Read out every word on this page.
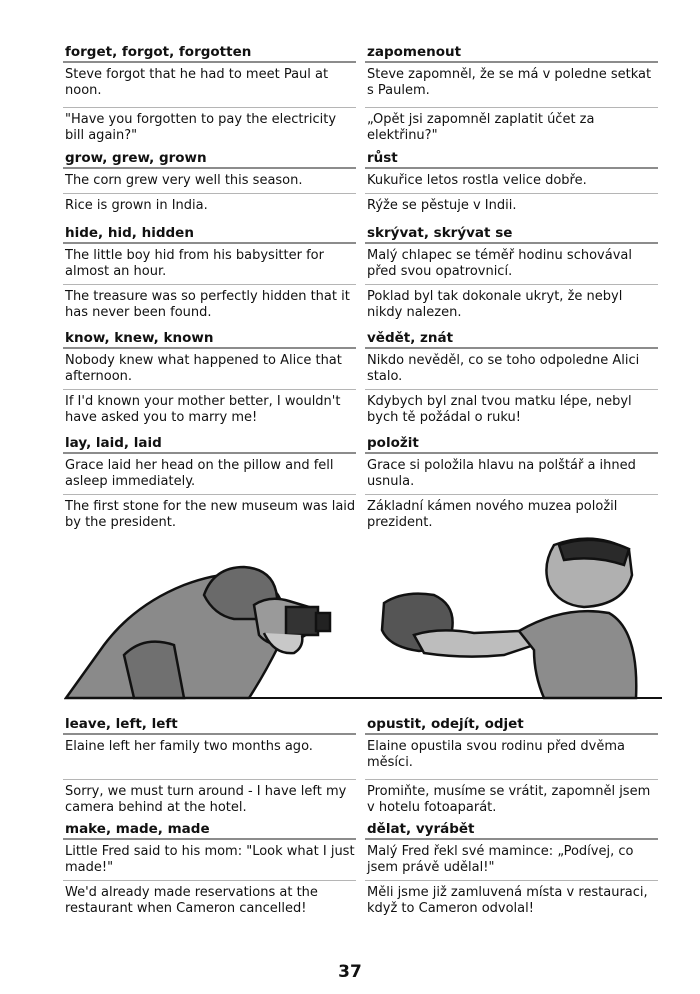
forget, forgot, forgotten
Steve forgot that he had to meet Paul at noon.
"Have you forgotten to pay the electricity bill again?"
zapomenout
Steve zapomněl, že se má v poledne setkat s Paulem.
„Opět jsi zapomněl zaplatit účet za elektřinu?"
grow, grew, grown
The corn grew very well this season.
Rice is grown in India.
růst
Kukuřice letos rostla velice dobře.
Rýže se pěstuje v Indii.
hide, hid, hidden
The little boy hid from his babysitter for almost an hour.
The treasure was so perfectly hidden that it has never been found.
skrývat, skrývat se
Malý chlapec se téměř hodinu schovával před svou opatrovnicí.
Poklad byl tak dokonale ukryt, že nebyl nikdy nalezen.
know, knew, known
Nobody knew what happened to Alice that afternoon.
If I'd known your mother better, I wouldn't have asked you to marry me!
vědět, znát
Nikdo nevěděl, co se toho odpoledne Alici stalo.
Kdybych byl znal tvou matku lépe, nebyl bych tě požádal o ruku!
lay, laid, laid
Grace laid her head on the pillow and fell asleep immediately.
The first stone for the new museum was laid by the president.
položit
Grace si položila hlavu na polštář a ihned usnula.
Základní kámen nového muzea položil prezident.
leave, left, left
Elaine left her family two months ago.
Sorry, we must turn around - I have left my camera behind at the hotel.
opustit, odejít, odjet
Elaine opustila svou rodinu před dvěma měsíci.
Promiňte, musíme se vrátit, zapomněl jsem v hotelu fotoaparát.
make, made, made
Little Fred said to his mom: "Look what I just made!"
We'd already made reservations at the restaurant when Cameron cancelled!
dělat, vyrábět
Malý Fred řekl své mamince: „Podívej, co jsem právě udělal!"
Měli jsme již zamluvená místa v restauraci, když to Cameron odvolal!
37
